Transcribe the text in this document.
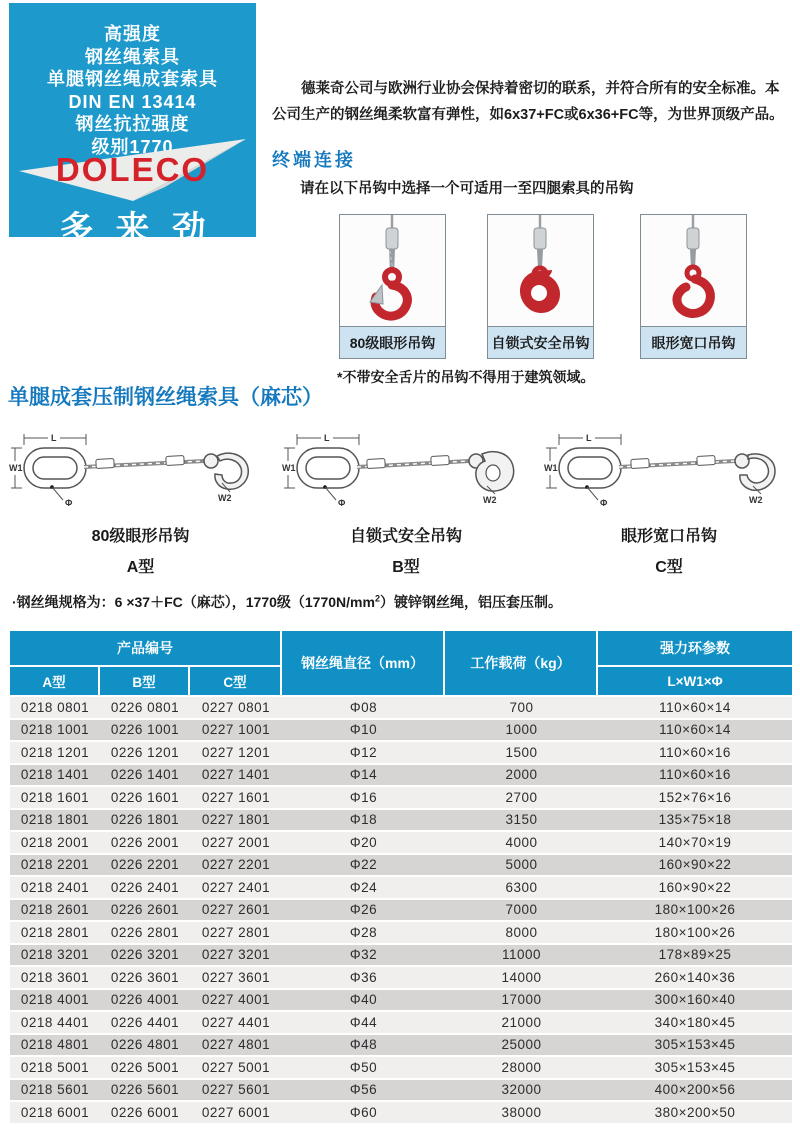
高强度
钢丝绳索具
单腿钢丝绳成套索具
DIN EN 13414
钢丝抗拉强度
级别1770
DOLECO
多来劲
德莱奇公司与欧洲行业协会保持着密切的联系，并符合所有的安全标准。本公司生产的钢丝绳柔软富有弹性，如6x37+FC或6x36+FC等，为世界顶级产品。
终端连接
请在以下吊钩中选择一个可适用一至四腿索具的吊钩
80级眼形吊钩	自锁式安全吊钩	眼形宽口吊钩
*不带安全舌片的吊钩不得用于建筑领域。
单腿成套压制钢丝绳索具（麻芯）
L
W1
Φ	W2
80级眼形吊钩
A型
L
W1
Φ	W2
自锁式安全吊钩
B型
L
W1
Φ	W2
眼形宽口吊钩
C型
·钢丝绳规格为：6 ×37＋FC（麻芯），1770级$(1770N/mm^2)$镀锌钢丝绳，铝压套压制。
产品编号			钢丝绳直径（mm）	工作载荷（kg）	强力环参数
A型	B型	C型			L×W1×Φ
0218 0801	0226 0801	0227 0801	Φ08	700	110×60×14
0218 1001	0226 1001	0227 1001	Φ10	1000	110×60×14
0218 1201	0226 1201	0227 1201	Φ12	1500	110×60×16
0218 1401	0226 1401	0227 1401	Φ14	2000	110×60×16
0218 1601	0226 1601	0227 1601	Φ16	2700	152×76×16
0218 1801	0226 1801	0227 1801	Φ18	3150	135×75×18
0218 2001	0226 2001	0227 2001	Φ20	4000	140×70×19
0218 2201	0226 2201	0227 2201	Φ22	5000	160×90×22
0218 2401	0226 2401	0227 2401	Φ24	6300	160×90×22
0218 2601	0226 2601	0227 2601	Φ26	7000	180×100×26
0218 2801	0226 2801	0227 2801	Φ28	8000	180×100×26
0218 3201	0226 3201	0227 3201	Φ32	11000	178×89×25
0218 3601	0226 3601	0227 3601	Φ36	14000	260×140×36
0218 4001	0226 4001	0227 4001	Φ40	17000	300×160×40
0218 4401	0226 4401	0227 4401	Φ44	21000	340×180×45
0218 4801	0226 4801	0227 4801	Φ48	25000	305×153×45
0218 5001	0226 5001	0227 5001	Φ50	28000	305×153×45
0218 5601	0226 5601	0227 5601	Φ56	32000	400×200×56
0218 6001	0226 6001	0227 6001	Φ60	38000	380×200×50
